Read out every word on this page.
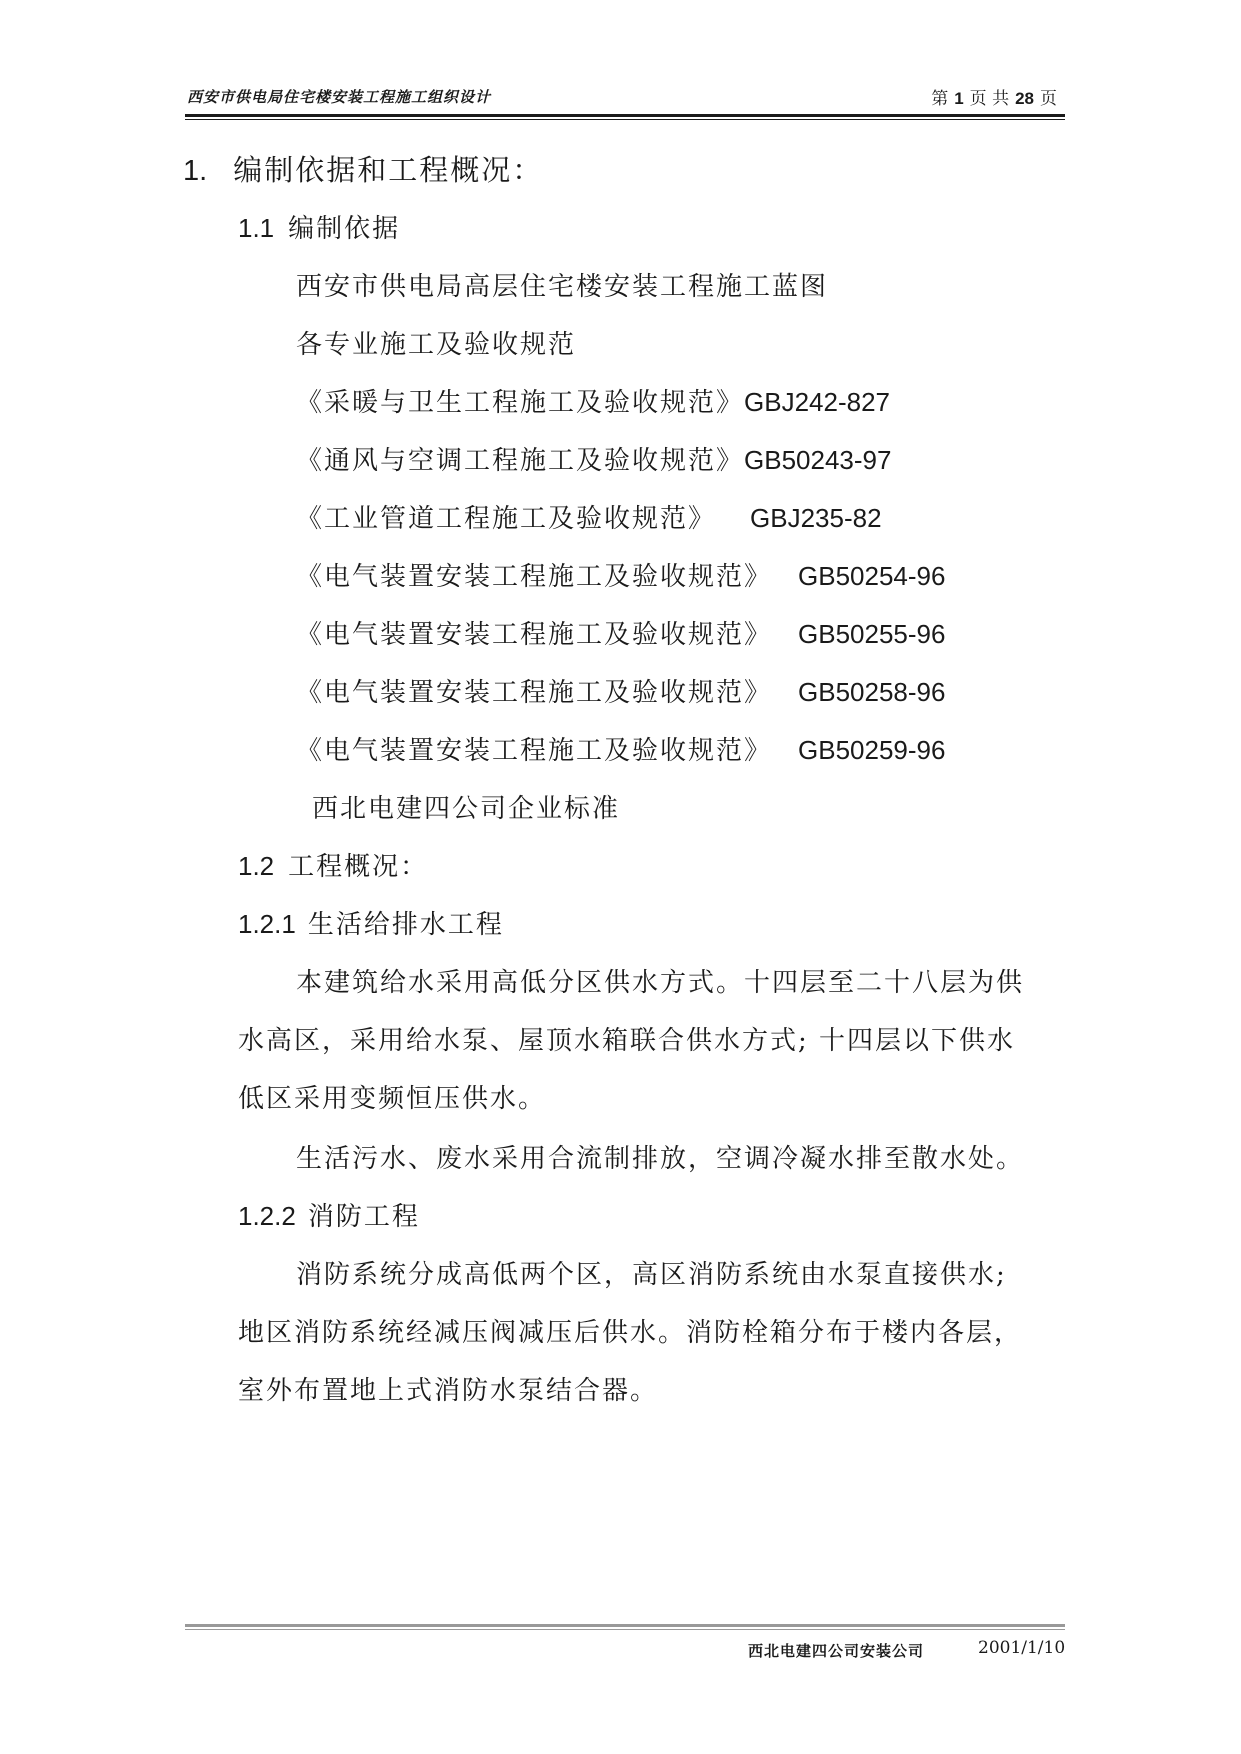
西安市供电局住宅楼安装工程施工组织设计	第 1 页 共 28 页
1. 编制依据和工程概况：
1.1 编制依据
西安市供电局高层住宅楼安装工程施工蓝图
各专业施工及验收规范
《采暖与卫生工程施工及验收规范》GBJ242-827
《通风与空调工程施工及验收规范》GB50243-97
《工业管道工程施工及验收规范》 GBJ235-82
《电气装置安装工程施工及验收规范》 GB50254-96
《电气装置安装工程施工及验收规范》 GB50255-96
《电气装置安装工程施工及验收规范》 GB50258-96
《电气装置安装工程施工及验收规范》 GB50259-96
西北电建四公司企业标准
1.2 工程概况：
1.2.1 生活给排水工程
本建筑给水采用高低分区供水方式。十四层至二十八层为供
水高区，采用给水泵、屋顶水箱联合供水方式; 十四层以下供水
低区采用变频恒压供水。
生活污水、废水采用合流制排放，空调冷凝水排至散水处。
1.2.2 消防工程
消防系统分成高低两个区，高区消防系统由水泵直接供水;
地区消防系统经减压阀减压后供水。消防栓箱分布于楼内各层，
室外布置地上式消防水泵结合器。
西北电建四公司安装公司	2001/1/10
